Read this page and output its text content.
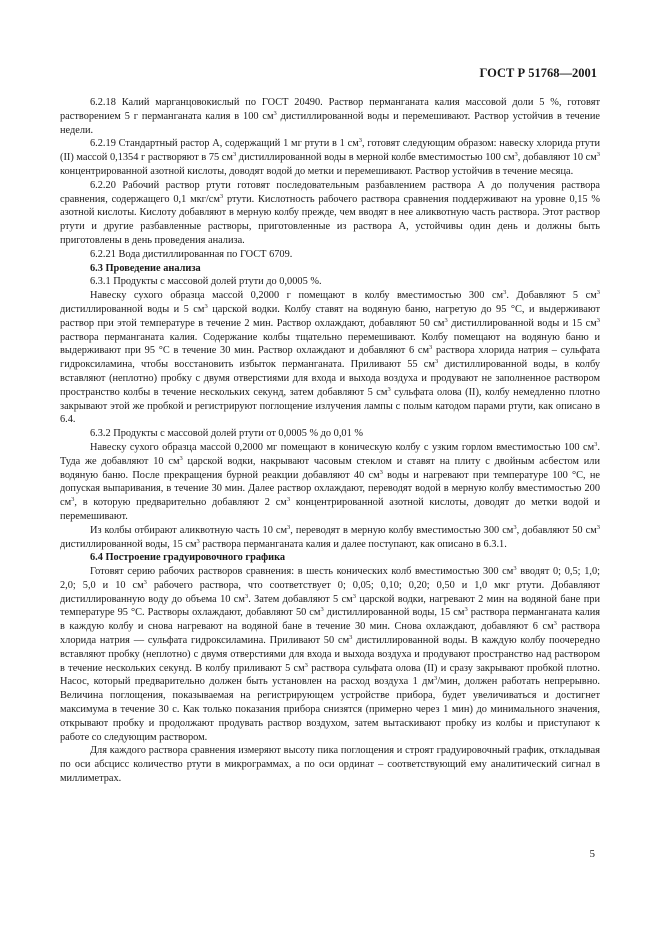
ГОСТ Р 51768—2001

6.2.18 Калий марганцовокислый по ГОСТ 20490. Раствор перманганата калия массовой доли 5 %, готовят растворением 5 г перманганата калия в 100 $см^3$ дистиллированной воды и перемешивают. Раствор устойчив в течение недели.

6.2.19 Стандартный растор А, содержащий 1 мг ртути в 1 $см^3$, готовят следующим образом: навеску хлорида ртути (II) массой 0,1354 г растворяют в 75 $см^3$ дистиллированной воды в мерной колбе вместимостью 100 $см^3$, добавляют 10 $см^3$ концентрированной азотной кислоты, доводят водой до метки и перемешивают. Раствор устойчив в течение месяца.

6.2.20 Рабочий раствор ртути готовят последовательным разбавлением раствора А до получения раствора сравнения, содержащего 0,1 мкг/$см^3$ ртути. Кислотность рабочего раствора сравнения поддерживают на уровне 0,15 % азотной кислоты. Кислоту добавляют в мерную колбу прежде, чем вводят в нее аликвотную часть раствора. Этот раствор ртути и другие разбавленные растворы, приготовленные из раствора А, устойчивы один день и должны быть приготовлены в день проведения анализа.

6.2.21 Вода дистиллированная по ГОСТ 6709.

6.3 Проведение анализа

6.3.1 Продукты с массовой долей ртути до 0,0005 %.

Навеску сухого образца массой 0,2000 г помещают в колбу вместимостью 300 $см^3$. Добавляют 5 $см^3$ дистиллированной воды и 5 $см^3$ царской водки. Колбу ставят на водяную баню, нагретую до 95 °С, и выдерживают раствор при этой температуре в течение 2 мин. Раствор охлаждают, добавляют 50 $см^3$ дистиллированной воды и 15 $см^3$ раствора перманганата калия. Содержание колбы тщательно перемешивают. Колбу помещают на водяную баню и выдерживают при 95 °С в течение 30 мин. Раствор охлаждают и добавляют 6 $см^3$ раствора хлорида натрия – сульфата гидроксиламина, чтобы восстановить избыток перманганата. Приливают 55 $см^3$ дистиллированной воды, в колбу вставляют (неплотно) пробку с двумя отверстиями для входа и выхода воздуха и продувают не заполненное раствором пространство колбы в течение нескольких секунд, затем добавляют 5 $см^3$ сульфата олова (II), колбу немедленно плотно закрывают этой же пробкой и регистрируют поглощение излучения лампы с полым катодом парами ртути, как описано в 6.4.

6.3.2 Продукты с массовой долей ртути от 0,0005 % до 0,01 %

Навеску сухого образца массой 0,2000 мг помещают в коническую колбу с узким горлом вместимостью 100 $см^3$. Туда же добавляют 10 $см^3$ царской водки, накрывают часовым стеклом и ставят на плиту с двойным асбестом или водяную баню. После прекращения бурной реакции добавляют 40 $см^3$ воды и нагревают при температуре 100 °С, не допуская выпаривания, в течение 30 мин. Далее раствор охлаждают, переводят водой в мерную колбу вместимостью 200 $см^3$, в которую предварительно добавляют 2 $см^3$ концентрированной азотной кислоты, доводят до метки водой и перемешивают.

Из колбы отбирают аликвотную часть 10 $см^3$, переводят в мерную колбу вместимостью 300 $см^3$, добавляют 50 $см^3$ дистиллированной воды, 15 $см^3$ раствора перманганата калия и далее поступают, как описано в 6.3.1.

6.4 Построение градуировочного графика

Готовят серию рабочих растворов сравнения: в шесть конических колб вместимостью 300 $см^3$ вводят 0; 0,5; 1,0; 2,0; 5,0 и 10 $см^3$ рабочего раствора, что соответствует 0; 0,05; 0,10; 0,20; 0,50 и 1,0 мкг ртути. Добавляют дистиллированную воду до объема 10 $см^3$. Затем добавляют 5 $см^3$ царской водки, нагревают 2 мин на водяной бане при температуре 95 °С. Растворы охлаждают, добавляют 50 $см^3$ дистиллированной воды, 15 $см^3$ раствора перманганата калия в каждую колбу и снова нагревают на водяной бане в течение 30 мин. Снова охлаждают, добавляют 6 $см^3$ раствора хлорида натрия — сульфата гидроксиламина. Приливают 50 $см^3$ дистиллированной воды. В каждую колбу поочередно вставляют пробку (неплотно) с двумя отверстиями для входа и выхода воздуха и продувают пространство над раствором в течение нескольких секунд. В колбу приливают 5 $см^3$ раствора сульфата олова (II) и сразу закрывают пробкой плотно. Насос, который предварительно должен быть установлен на расход воздуха 1 $дм^3$/мин, должен работать непрерывно. Величина поглощения, показываемая на регистрирующем устройстве прибора, будет увеличиваться и достигнет максимума в течение 30 с. Как только показания прибора снизятся (примерно через 1 мин) до минимального значения, открывают пробку и продолжают продувать раствор воздухом, затем вытаскивают пробку из колбы и приступают к работе со следующим раствором.

Для каждого раствора сравнения измеряют высоту пика поглощения и строят градуировочный график, откладывая по оси абсцисс количество ртути в микрограммах, а по оси ординат – соответствующий ему аналитический сигнал в миллиметрах.

5
